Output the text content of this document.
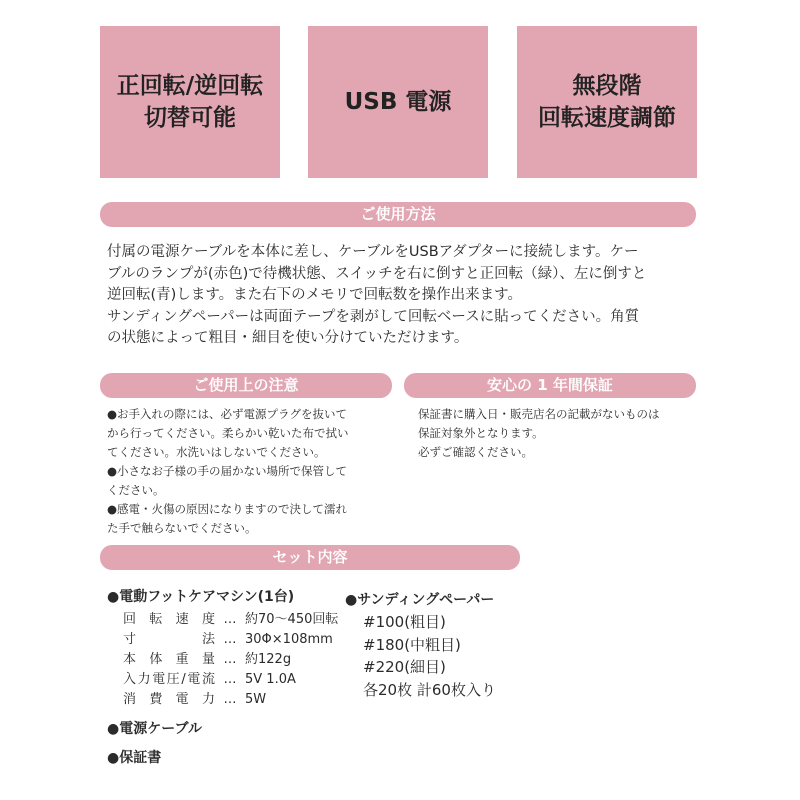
正回転/逆回転
切替可能
USB 電源
無段階
回転速度調節
ご使用方法
付属の電源ケーブルを本体に差し、ケーブルをUSBアダプターに接続します。ケー
ブルのランプが(赤色)で待機状態、スイッチを右に倒すと正回転（緑）、左に倒すと
逆回転(青)します。また右下のメモリで回転数を操作出来ます。
サンディングペーパーは両面テープを剥がして回転ベースに貼ってください。角質
の状態によって粗目・細目を使い分けていただけます。
ご使用上の注意	安心の 1 年間保証
●お手入れの際には、必ず電源プラグを抜いて
から行ってください。柔らかい乾いた布で拭い
てください。水洗いはしないでください。
●小さなお子様の手の届かない場所で保管して
ください。
●感電・火傷の原因になりますので決して濡れ
た手で触らないでください。
保証書に購入日・販売店名の記載がないものは
保証対象外となります。
必ずご確認ください。
セット内容
●電動フットケアマシン(1台)
回転速度 … 約70～450回転
寸法 … 30Φ×108mm
本体重量 … 約122g
入力電圧/電流 … 5V 1.0A
消費電力 … 5W
●電源ケーブル
●保証書
●サンディングペーパー
#100(粗目)
#180(中粗目)
#220(細目)
各20枚 計60枚入り
